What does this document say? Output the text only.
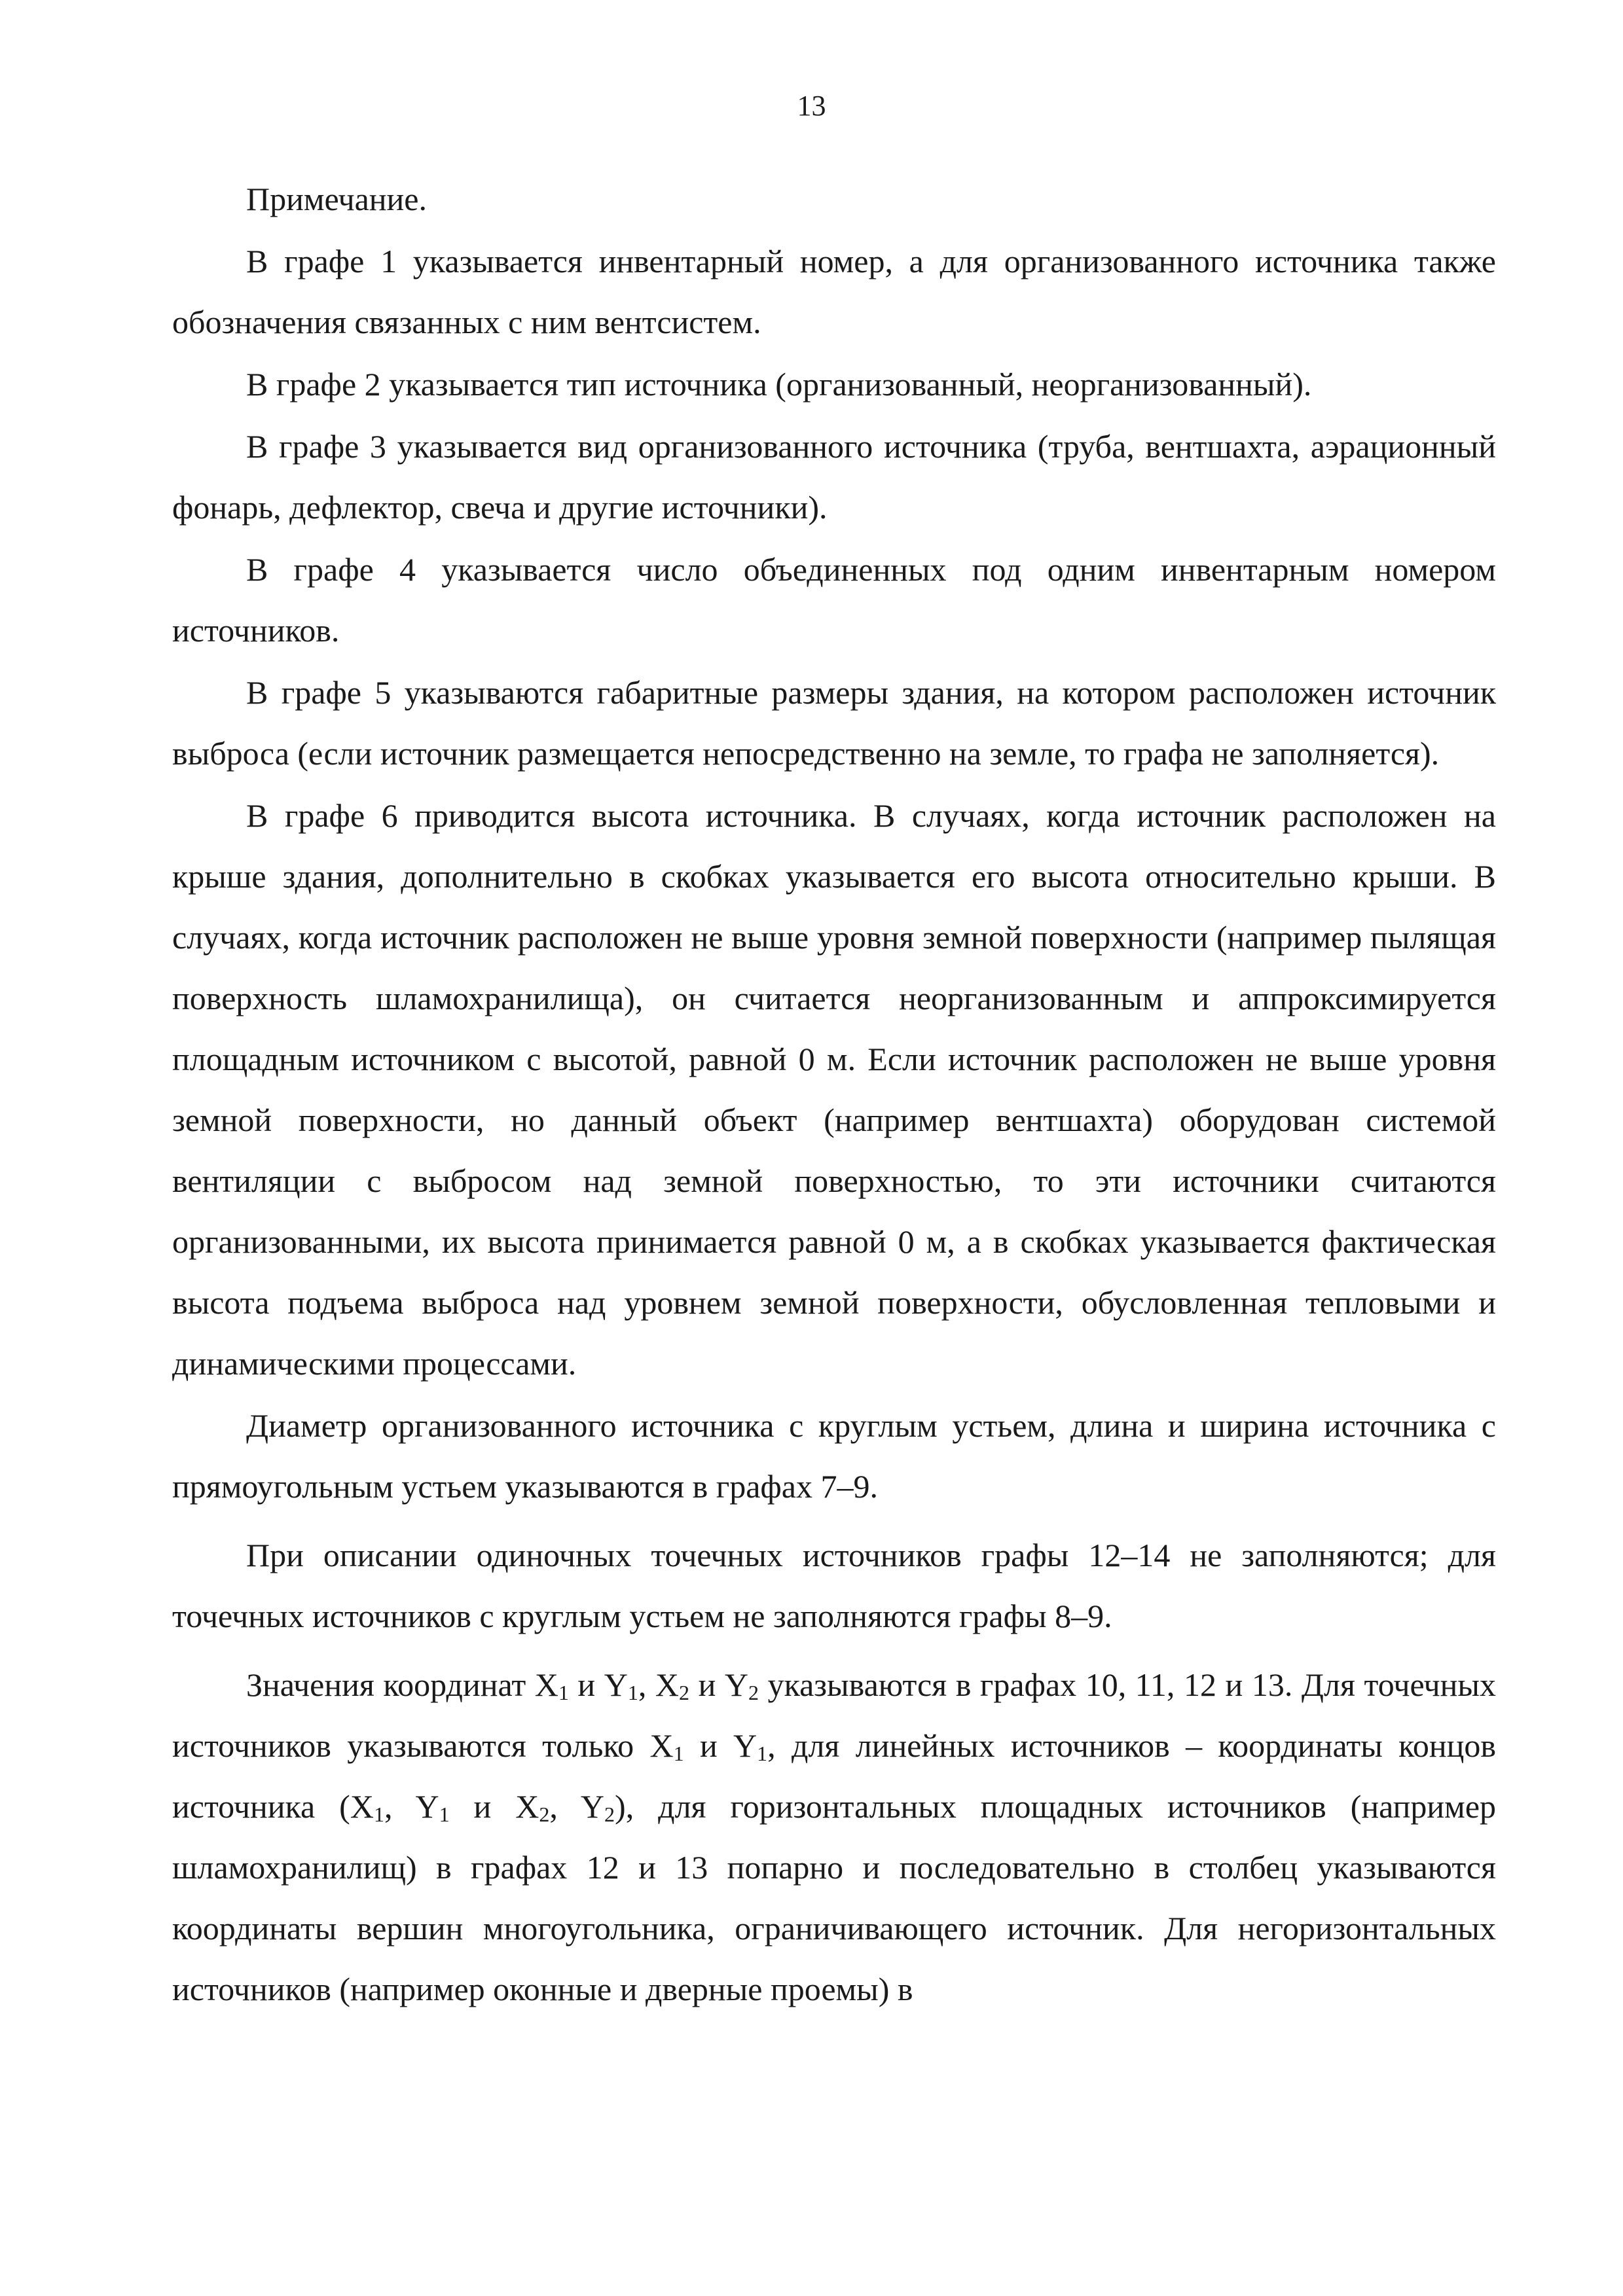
13

Примечание.

В графе 1 указывается инвентарный номер, а для организованного источника также обозначения связанных с ним вентсистем.

В графе 2 указывается тип источника (организованный, неорганизованный).

В графе 3 указывается вид организованного источника (труба, вентшахта, аэрационный фонарь, дефлектор, свеча и другие источники).

В графе 4 указывается число объединенных под одним инвентарным номером источников.

В графе 5 указываются габаритные размеры здания, на котором расположен источник выброса (если источник размещается непосредственно на земле, то графа не заполняется).

В графе 6 приводится высота источника. В случаях, когда источник расположен на крыше здания, дополнительно в скобках указывается его высота относительно крыши. В случаях, когда источник расположен не выше уровня земной поверхности (например пылящая поверхность шламохранилища), он считается неорганизованным и аппроксимируется площадным источником с высотой, равной 0 м. Если источник расположен не выше уровня земной поверхности, но данный объект (например вентшахта) оборудован системой вентиляции с выбросом над земной поверхностью, то эти источники считаются организованными, их высота принимается равной 0 м, а в скобках указывается фактическая высота подъема выброса над уровнем земной поверхности, обусловленная тепловыми и динамическими процессами.

Диаметр организованного источника с круглым устьем, длина и ширина источника с прямоугольным устьем указываются в графах 7–9.

При описании одиночных точечных источников графы 12–14 не заполняются; для точечных источников с круглым устьем не заполняются графы 8–9.

Значения координат $X_1$ и $Y_1$, $X_2$ и $Y_2$ указываются в графах 10, 11, 12 и 13. Для точечных источников указываются только $X_1$ и $Y_1$, для линейных источников – координаты концов источника ($X_1$, $Y_1$ и $X_2$, $Y_2$), для горизонтальных площадных источников (например шламохранилищ) в графах 12 и 13 попарно и последовательно в столбец указываются координаты вершин многоугольника, ограничивающего источник. Для негоризонтальных источников (например оконные и дверные проемы) в
